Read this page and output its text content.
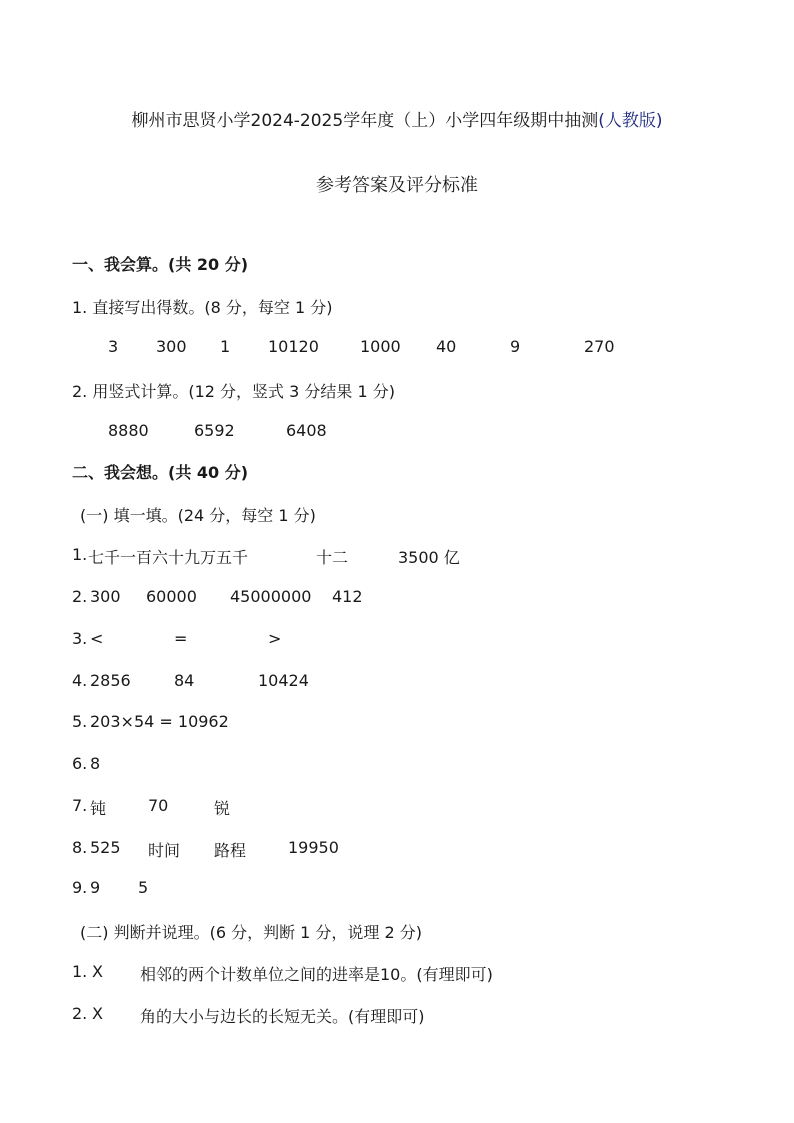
柳州市思贤小学2024-2025学年度（上）小学四年级期中抽测(人教版)
参考答案及评分标准
一、我会算。(共 20 分)
1. 直接写出得数。(8 分，每空 1 分)
3 300 1 10120	1000 40	9	270
2. 用竖式计算。(12 分，竖式 3 分结果 1 分)
8880	6592	6408
二、我会想。(共 40 分)
(一) 填一填。(24 分，每空 1 分)
1. 七千一百六十九万五千	十二	3500 亿
2. 300 60000 45000000 412
3. <	=	>
4. 2856	84	10424
5. 203×54 = 10962
6. 8
7. 钝	70	锐
8. 525 时间 路程	19950
9. 9 5
(二) 判断并说理。(6 分，判断 1 分，说理 2 分)
1. X 相邻的两个计数单位之间的进率是10。(有理即可)
2. X 角的大小与边长的长短无关。(有理即可)
